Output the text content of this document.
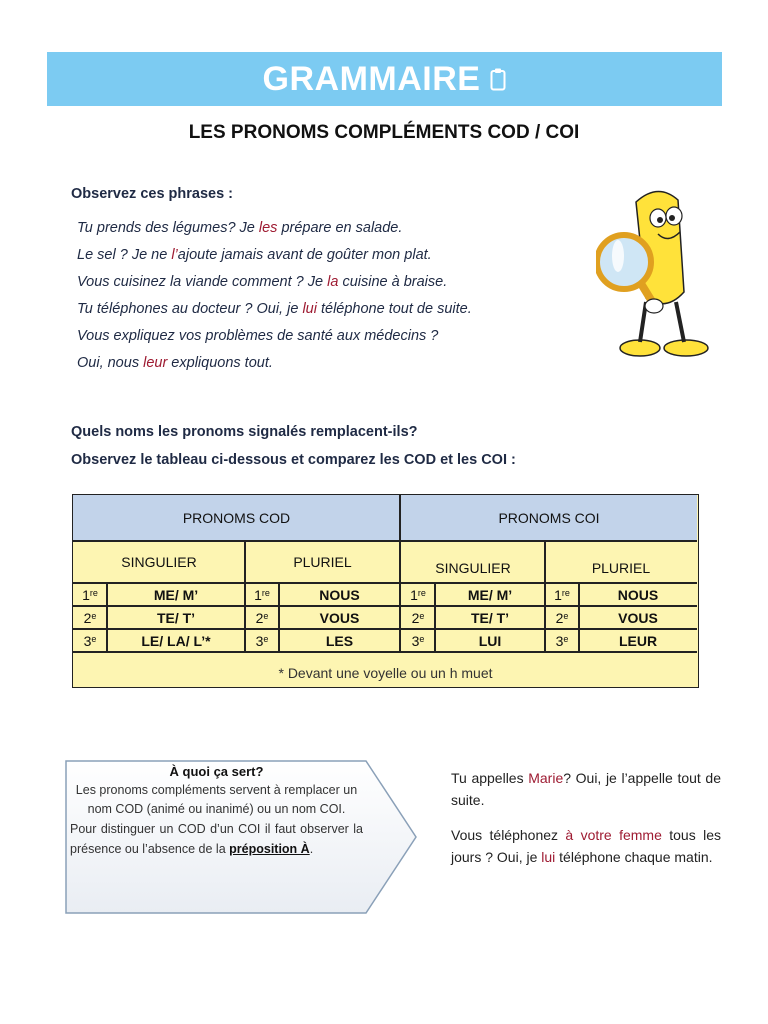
GRAMMAIRE
LES PRONOMS COMPLÉMENTS COD / COI
Observez ces phrases :
Tu prends des légumes? Je les prépare en salade.
Le sel ? Je ne l’ajoute jamais avant de goûter mon plat.
Vous cuisinez la viande comment ? Je la cuisine à braise.
Tu téléphones au docteur ? Oui, je lui téléphone tout de suite.
Vous expliquez vos problèmes de santé aux médecins ?
Oui, nous leur expliquons tout.
Quels noms les pronoms signalés remplacent-ils?
Observez le tableau ci-dessous et comparez les COD et les COI :
PRONOMS COD	PRONOMS COI
SINGULIER	PLURIEL	SINGULIER	PLURIEL
1re	ME/ M’	1re	NOUS	1re	ME/ M’	1re	NOUS
2e	TE/ T’	2e	VOUS	2e	TE/ T’	2e	VOUS
3e	LE/ LA/ L’*	3e	LES	3e	LUI	3e	LEUR
* Devant une voyelle ou un h muet
À quoi ça sert?
Les pronoms compléments servent à remplacer un nom COD (animé ou inanimé) ou un nom COI.
Pour distinguer un COD d’un COI il faut observer la présence ou l’absence de la préposition À.

Tu appelles Marie? Oui, je l’appelle tout de suite.

Vous téléphonez à votre femme tous les jours ? Oui, je lui téléphone chaque matin.
